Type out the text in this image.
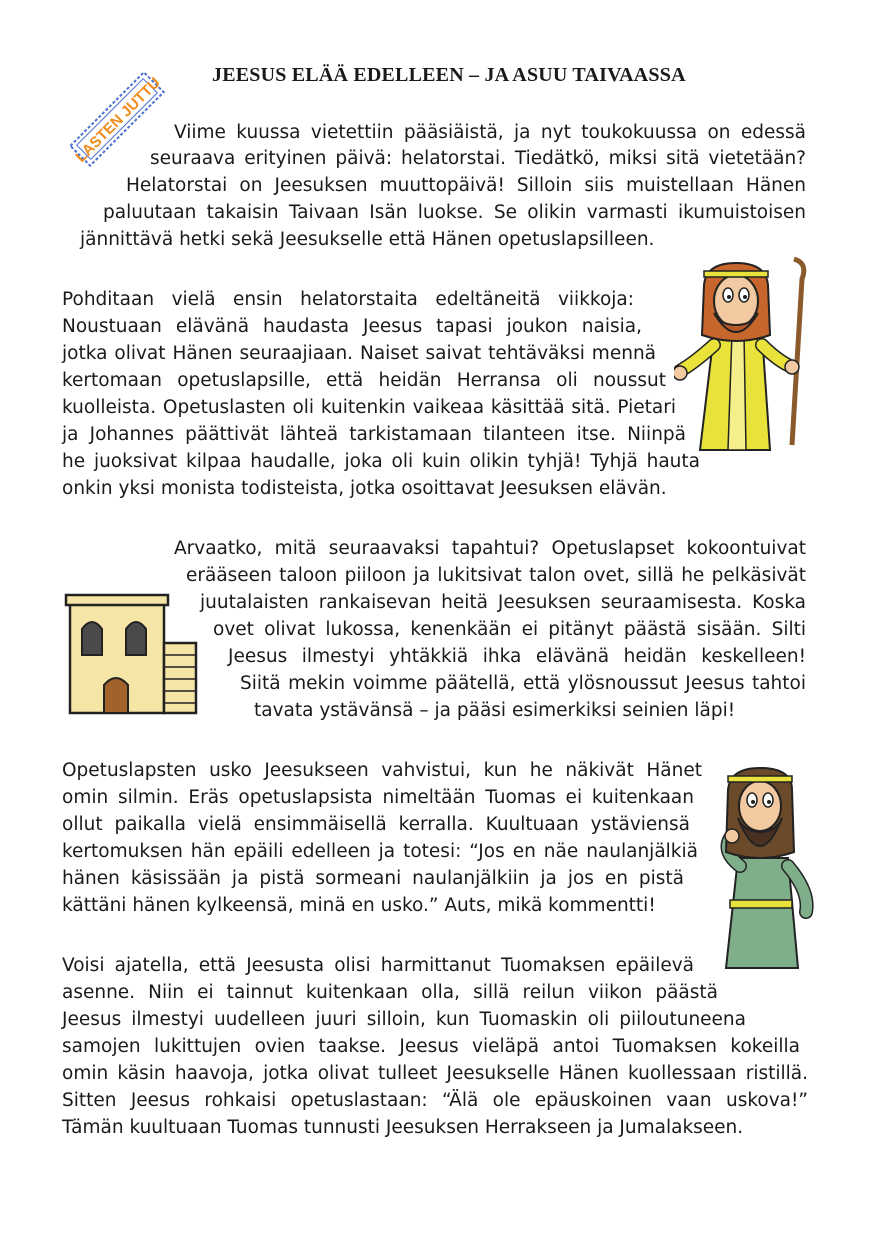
JEESUS ELÄÄ EDELLEEN – JA ASUU TAIVAASSA
LASTEN JUTTU Viime kuussa vietettiin pääsiäistä, ja nyt toukokuussa on edessä
seuraava erityinen päivä: helatorstai. Tiedätkö, miksi sitä vietetään?
Helatorstai on Jeesuksen muuttopäivä! Silloin siis muistellaan Hänen
paluutaan takaisin Taivaan Isän luokse. Se olikin varmasti ikumuistoisen
jännittävä hetki sekä Jeesukselle että Hänen opetuslapsilleen.
Pohditaan vielä ensin helatorstaita edeltäneitä viikkoja:
Noustuaan elävänä haudasta Jeesus tapasi joukon naisia,
jotka olivat Hänen seuraajiaan. Naiset saivat tehtäväksi mennä
kertomaan opetuslapsille, että heidän Herransa oli noussut
kuolleista. Opetuslasten oli kuitenkin vaikeaa käsittää sitä. Pietari
ja Johannes päättivät lähteä tarkistamaan tilanteen itse. Niinpä
he juoksivat kilpaa haudalle, joka oli kuin olikin tyhjä! Tyhjä hauta
onkin yksi monista todisteista, jotka osoittavat Jeesuksen elävän.
Arvaatko, mitä seuraavaksi tapahtui? Opetuslapset kokoontuivat
erääseen taloon piiloon ja lukitsivat talon ovet, sillä he pelkäsivät
juutalaisten rankaisevan heitä Jeesuksen seuraamisesta. Koska
ovet olivat lukossa, kenenkään ei pitänyt päästä sisään. Silti
Jeesus ilmestyi yhtäkkiä ihka elävänä heidän keskelleen!
Siitä mekin voimme päätellä, että ylösnoussut Jeesus tahtoi
tavata ystävänsä – ja pääsi esimerkiksi seinien läpi!
Opetuslapsten usko Jeesukseen vahvistui, kun he näkivät Hänet
omin silmin. Eräs opetuslapsista nimeltään Tuomas ei kuitenkaan
ollut paikalla vielä ensimmäisellä kerralla. Kuultuaan ystäviensä
kertomuksen hän epäili edelleen ja totesi: “Jos en näe naulanjälkiä
hänen käsissään ja pistä sormeani naulanjälkiin ja jos en pistä
kättäni hänen kylkeensä, minä en usko.” Auts, mikä kommentti!
Voisi ajatella, että Jeesusta olisi harmittanut Tuomaksen epäilevä
asenne. Niin ei tainnut kuitenkaan olla, sillä reilun viikon päästä
Jeesus ilmestyi uudelleen juuri silloin, kun Tuomaskin oli piiloutuneena
samojen lukittujen ovien taakse. Jeesus vieläpä antoi Tuomaksen kokeilla
omin käsin haavoja, jotka olivat tulleet Jeesukselle Hänen kuollessaan ristillä.
Sitten Jeesus rohkaisi opetuslastaan: “Älä ole epäuskoinen vaan uskova!”
Tämän kuultuaan Tuomas tunnusti Jeesuksen Herrakseen ja Jumalakseen.
